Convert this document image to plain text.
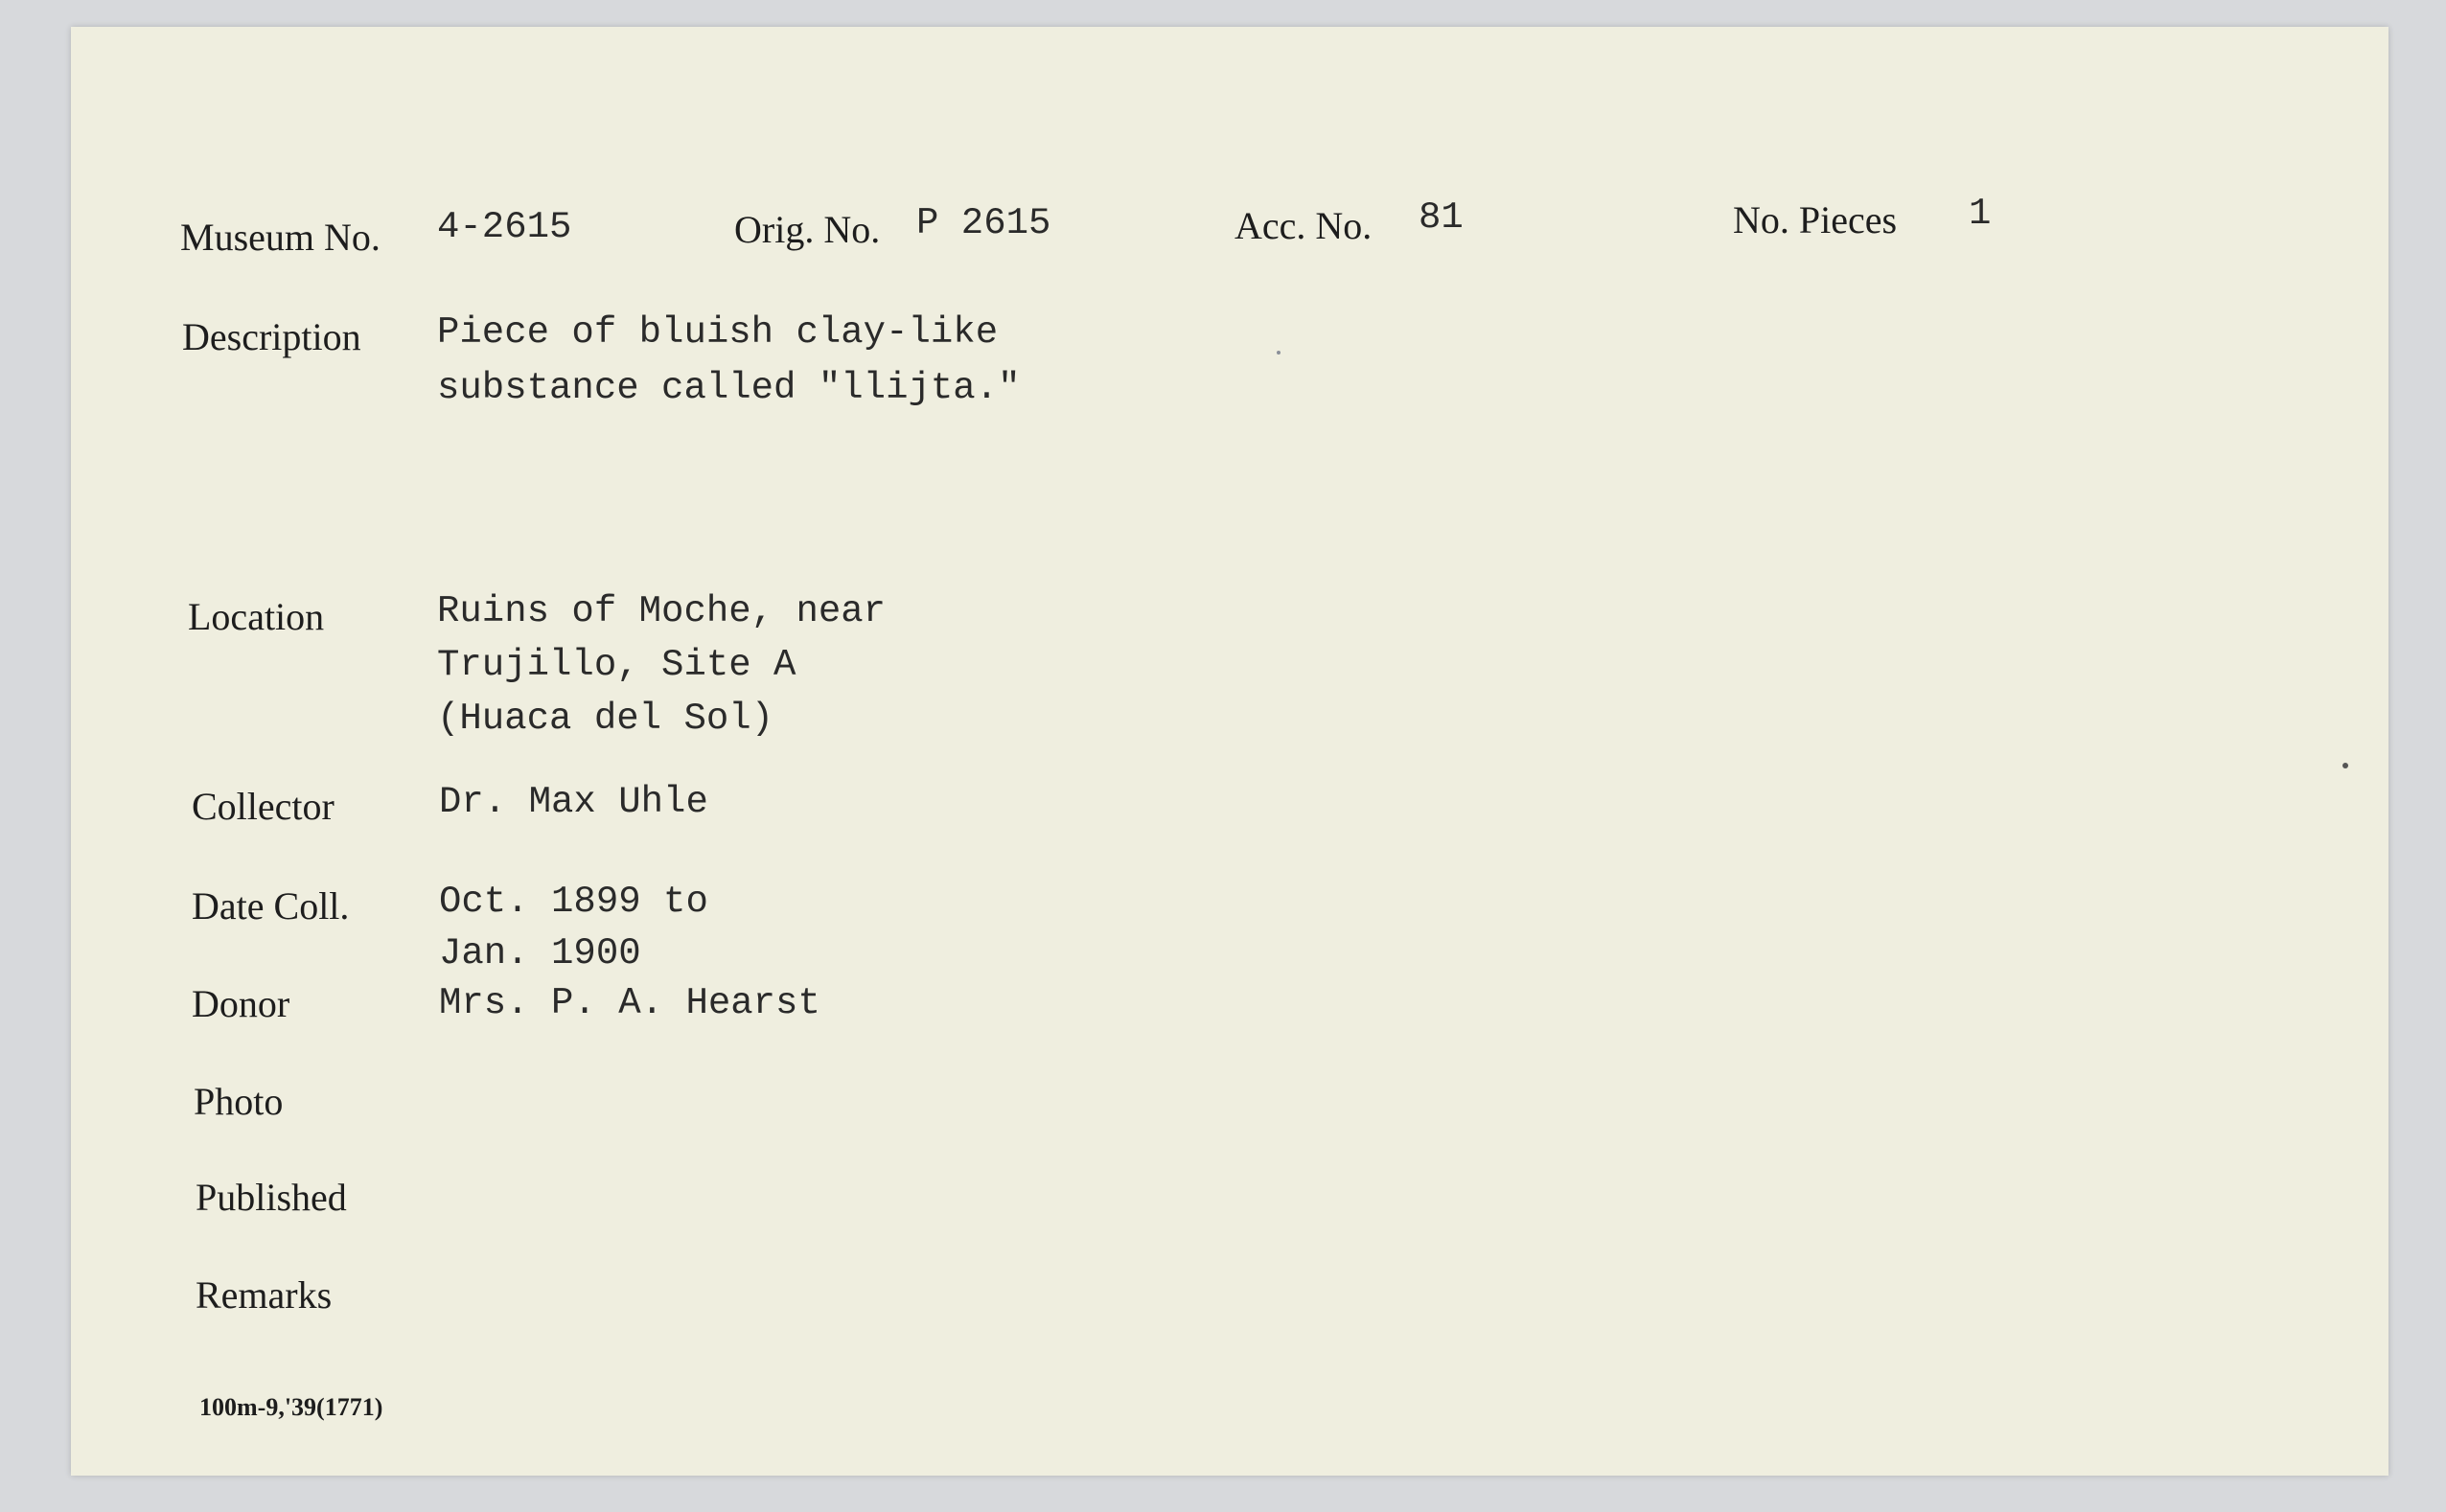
Museum No. 4-2615	Orig. No. P 2615	Acc. No. 81	No. Pieces 1
Description Piece of bluish clay-like
substance called "llijta."
Location	Ruins of Moche, near
Trujillo, Site A
(Huaca del Sol)
Collector	Dr. Max Uhle
Date Coll. Oct. 1899 to
Jan. 1900
Donor	Mrs. P. A. Hearst
Photo
Published
Remarks
100m-9,'39(1771)
